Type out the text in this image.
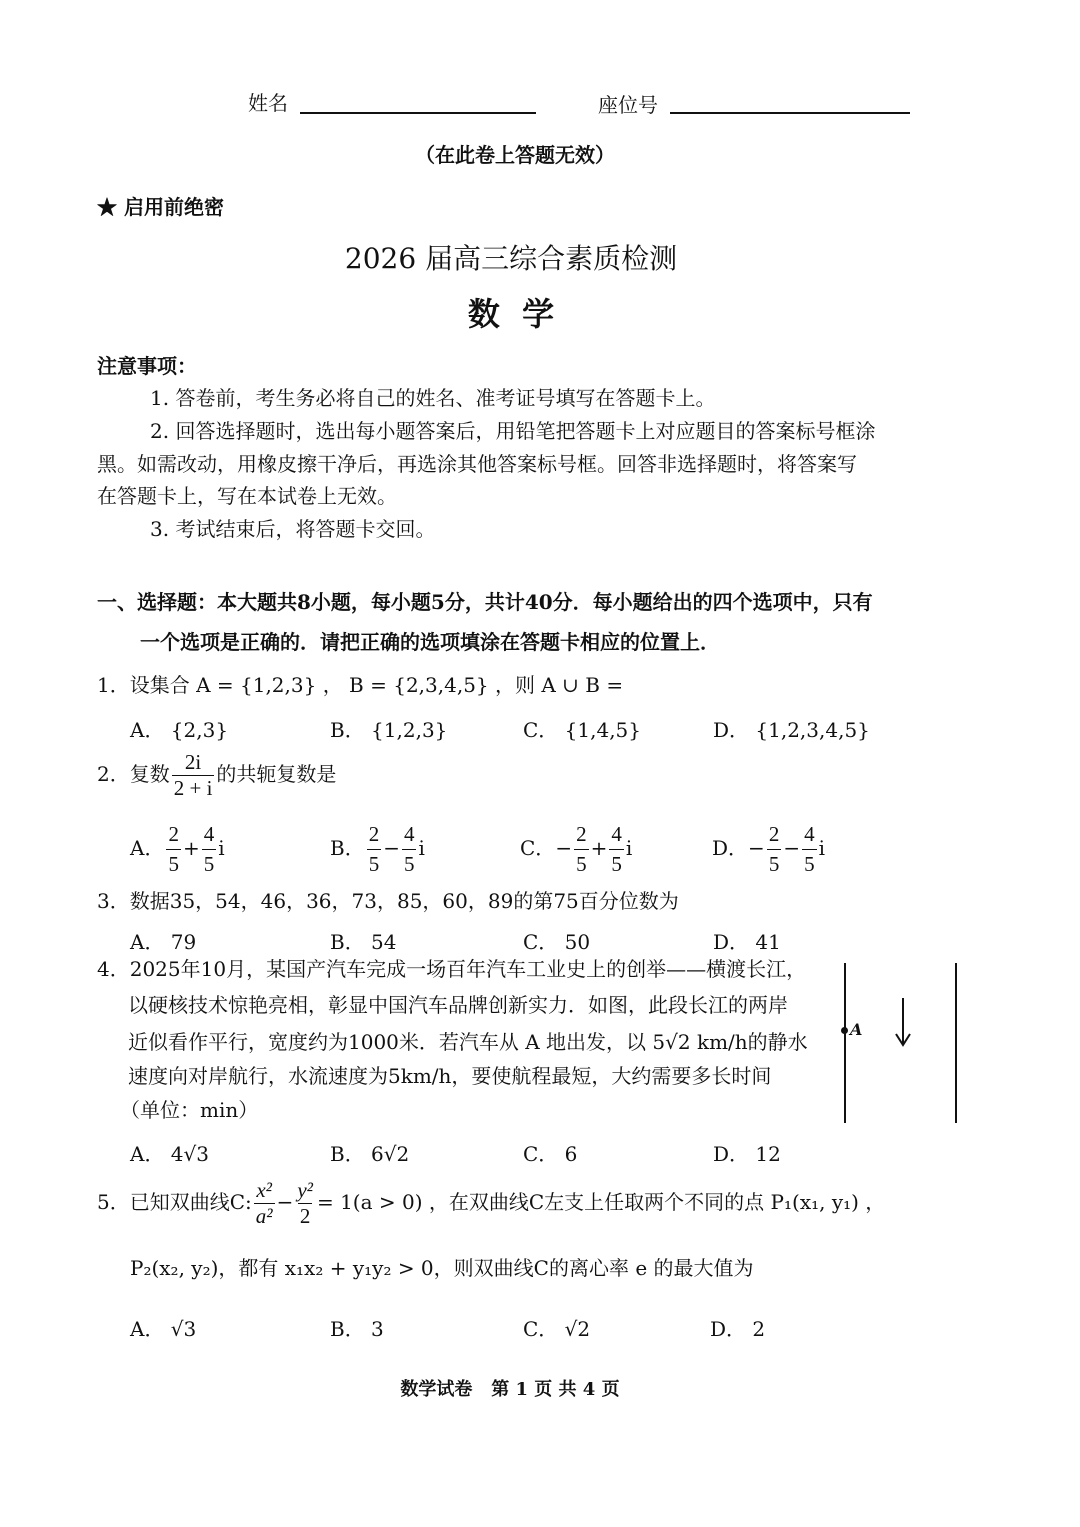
姓名	座位号
（在此卷上答题无效）
★ 启用前绝密
2026 届高三综合素质检测
数  学
注意事项：
1. 答卷前，考生务必将自己的姓名、准考证号填写在答题卡上。
2. 回答选择题时，选出每小题答案后，用铅笔把答题卡上对应题目的答案标号框涂
黑。如需改动，用橡皮擦干净后，再选涂其他答案标号框。回答非选择题时，将答案写
在答题卡上，写在本试卷上无效。
3. 考试结束后，将答题卡交回。
一、选择题：本大题共8小题，每小题5分，共计40分．每小题给出的四个选项中，只有
一个选项是正确的．请把正确的选项填涂在答题卡相应的位置上．
1．设集合 A = {1,2,3} ， B = {2,3,4,5} ，则 A ∪ B =
A． {2,3}	B． {1,2,3}	C． {1,4,5}	D． {1,2,3,4,5}
2．复数 $\frac{2i}{2 + i}$ 的共轭复数是
A． $\frac{2}{5} + \frac{4}{5}$ i	B． $\frac{2}{5} - \frac{4}{5}$ i	C．− $\frac{2}{5} + \frac{4}{5}$ i	D．− $\frac{2}{5} - \frac{4}{5}$ i
3．数据35，54，46，36，73，85，60，89的第75百分位数为
A． 79	B． 54	C． 50	D． 41
4．2025年10月，某国产汽车完成一场百年汽车工业史上的创举——横渡长江，
以硬核技术惊艳亮相，彰显中国汽车品牌创新实力．如图，此段长江的两岸
近似看作平行，宽度约为1000米．若汽车从 A 地出发，以 5√2 km/h的静水
速度向对岸航行，水流速度为5km/h，要使航程最短，大约需要多长时间
（单位：min）
A
A． 4√3	B． 6√2	C． 6	D． 12
5．已知双曲线C: $\frac{\text{x²}}{\text{a²}} - \frac{\text{y²}}{2} = 1(a > 0)$ ，在双曲线C左支上任取两个不同的点 P₁(x₁, y₁) ，
P₂(x₂, y₂)，都有 x₁x₂ + y₁y₂ > 0，则双曲线C的离心率 e 的最大值为
A． √3	B． 3	C． √2	D． 2
数学试卷   第 1 页 共 4 页
